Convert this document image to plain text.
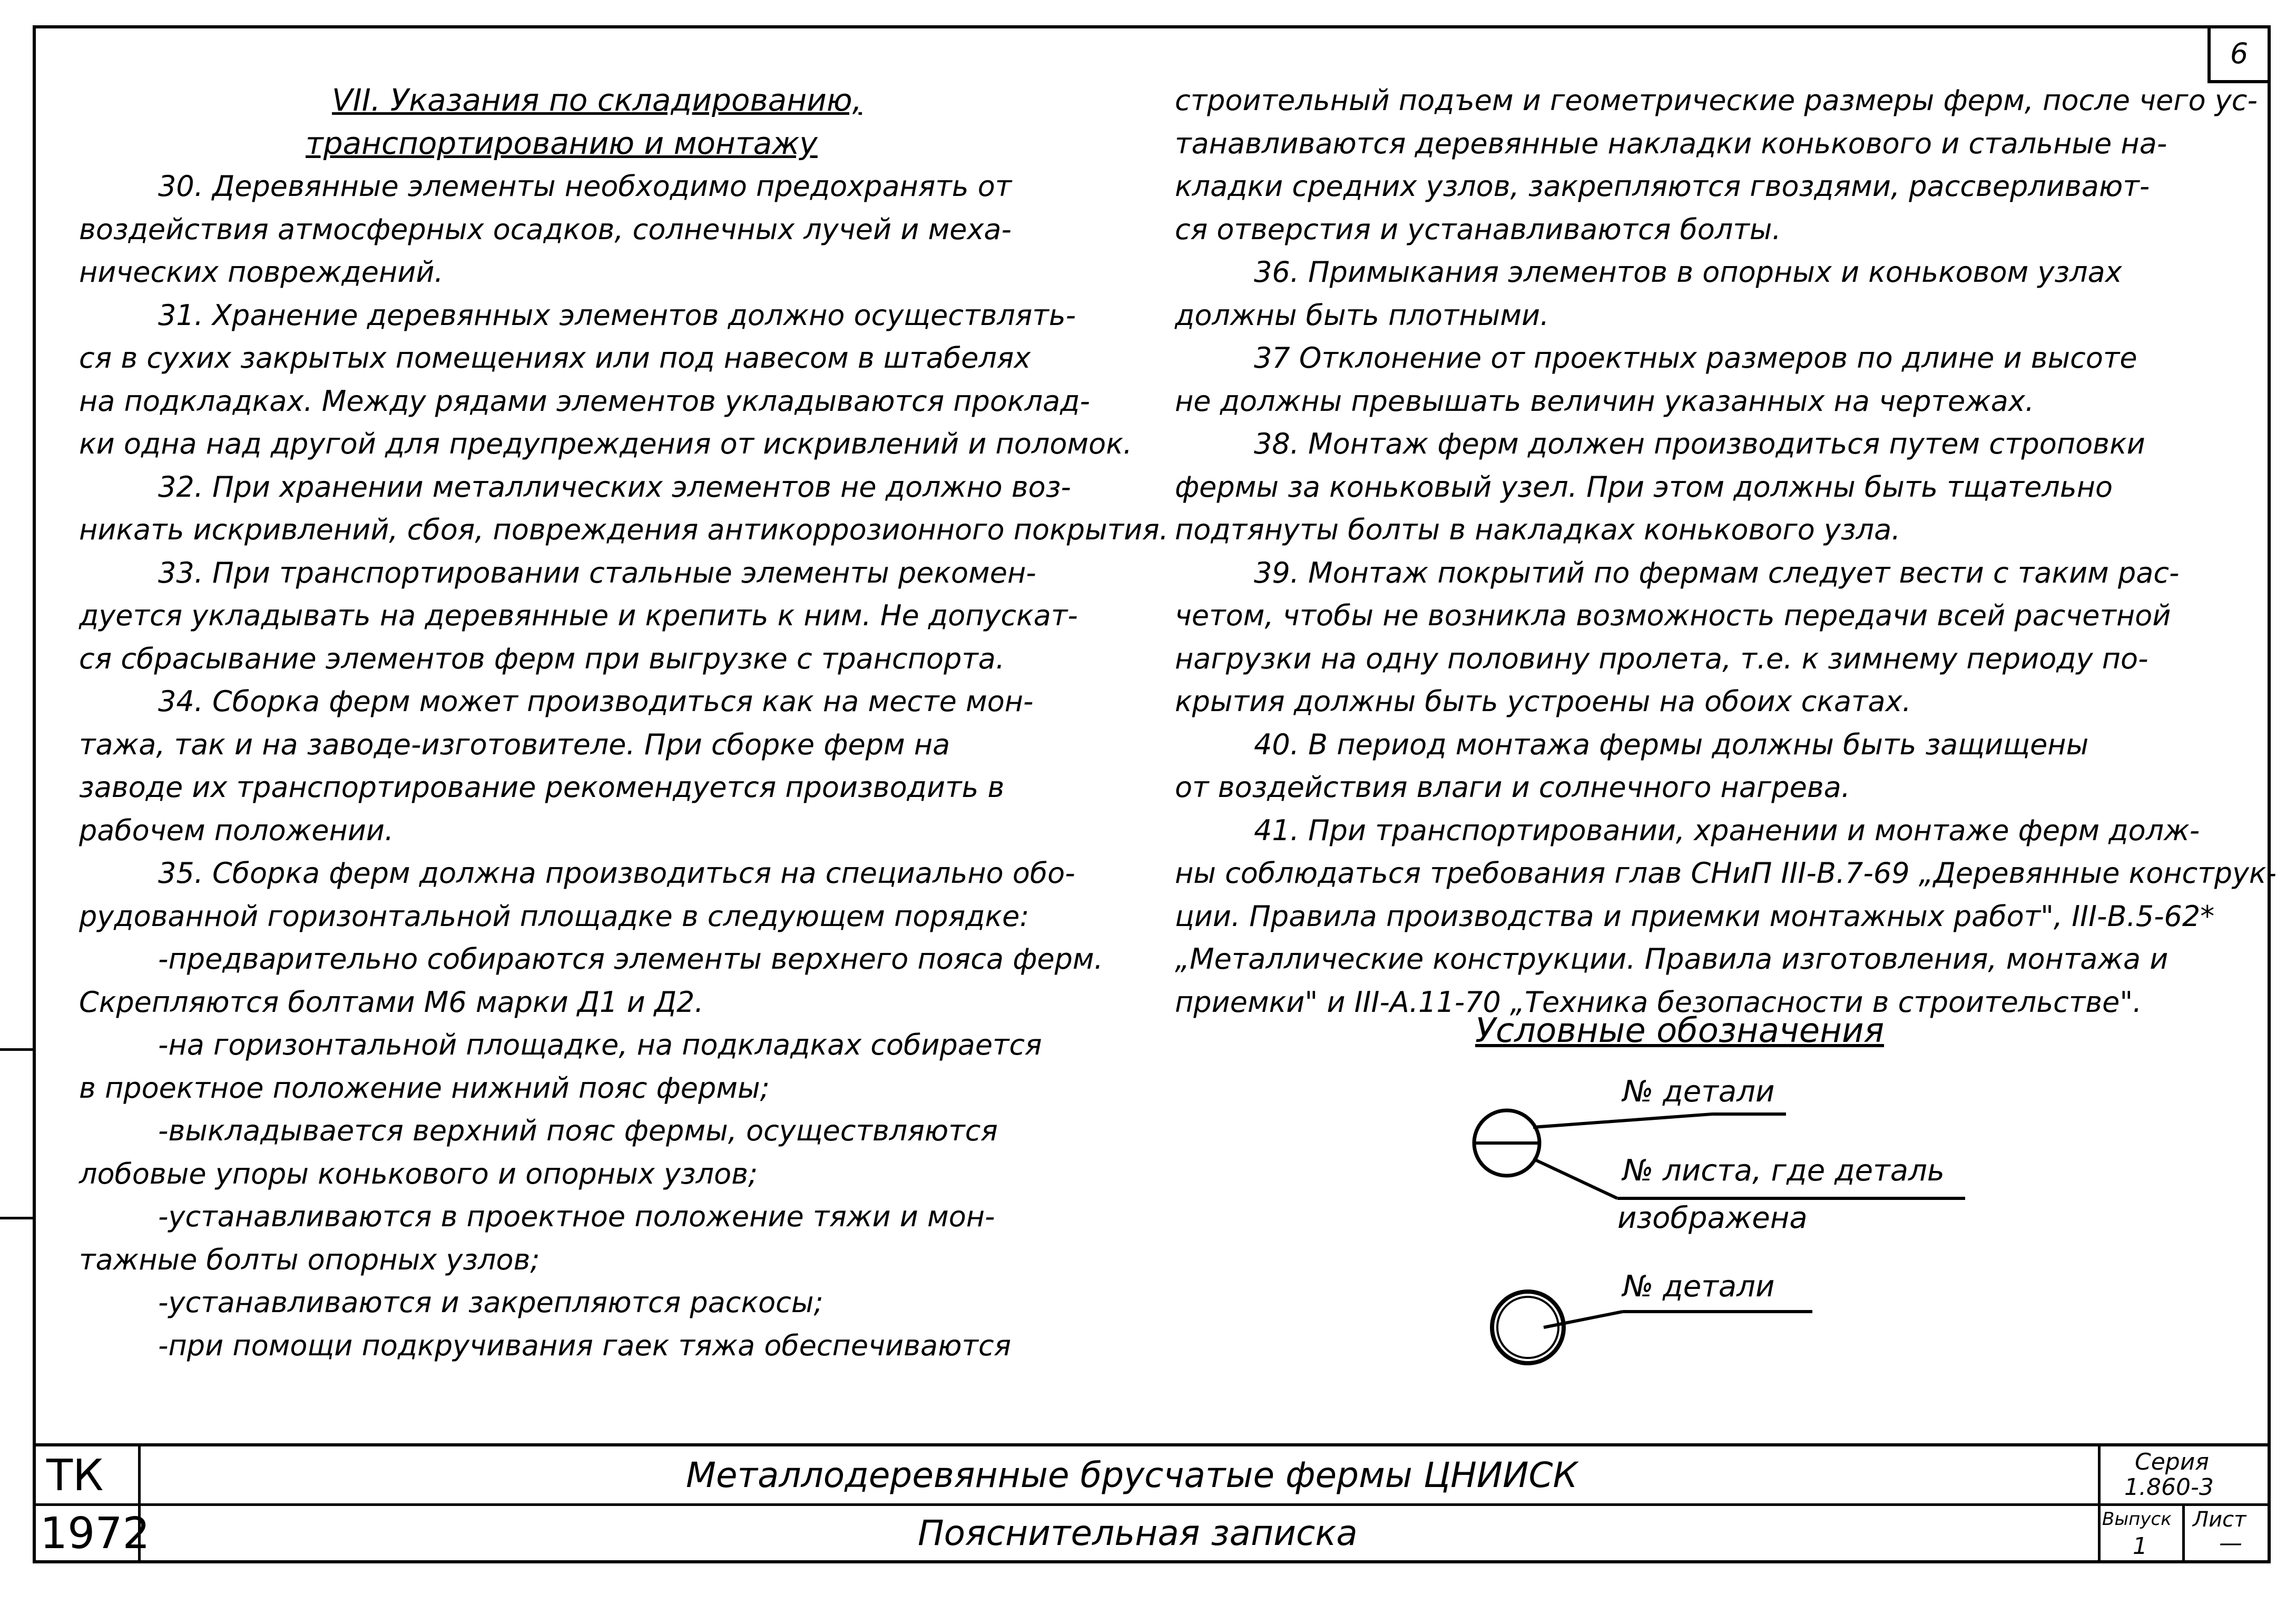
6

VII. Указания по складированию,

транспортированию и монтажу

30. Деревянные элементы необходимо предохранять от

воздействия атмосферных осадков, солнечных лучей и меха-

нических повреждений.

31. Хранение деревянных элементов должно осуществлять-

ся в сухих закрытых помещениях или под навесом в штабелях

на подкладках. Между рядами элементов укладываются проклад-

ки одна над другой для предупреждения от искривлений и поломок.

32. При хранении металлических элементов не должно воз-

никать искривлений, сбоя, повреждения антикоррозионного покрытия.

33. При транспортировании стальные элементы рекомен-

дуется укладывать на деревянные и крепить к ним. Не допускат-

ся сбрасывание элементов ферм при выгрузке с транспорта.

34. Сборка ферм может производиться как на месте мон-

тажа, так и на заводе-изготовителе. При сборке ферм на

заводе их транспортирование рекомендуется производить в

рабочем положении.

35. Сборка ферм должна производиться на специально обо-

рудованной горизонтальной площадке в следующем порядке:

-предварительно собираются элементы верхнего пояса ферм.

Скрепляются болтами М6 марки Д1 и Д2.

-на горизонтальной площадке, на подкладках собирается

в проектное положение нижний пояс фермы;

-выкладывается верхний пояс фермы, осуществляются

лобовые упоры конькового и опорных узлов;

-устанавливаются в проектное положение тяжи и мон-

тажные болты опорных узлов;

-устанавливаются и закрепляются раскосы;

-при помощи подкручивания гаек тяжа обеспечиваются

строительный подъем и геометрические размеры ферм, после чего ус-

танавливаются деревянные накладки конькового и стальные на-

кладки средних узлов, закрепляются гвоздями, рассверливают-

ся отверстия и устанавливаются болты.

36. Примыкания элементов в опорных и коньковом узлах

должны быть плотными.

37 Отклонение от проектных размеров по длине и высоте

не должны превышать величин указанных на чертежах.

38. Монтаж ферм должен производиться путем строповки

фермы за коньковый узел. При этом должны быть тщательно

подтянуты болты в накладках конькового узла.

39. Монтаж покрытий по фермам следует вести с таким рас-

четом, чтобы не возникла возможность передачи всей расчетной

нагрузки на одну половину пролета, т.е. к зимнему периоду по-

крытия должны быть устроены на обоих скатах.

40. В период монтажа фермы должны быть защищены

от воздействия влаги и солнечного нагрева.

41. При транспортировании, хранении и монтаже ферм долж-

ны соблюдаться требования глав СНиП III-В.7-69 „Деревянные конструк-

ции. Правила производства и приемки монтажных работ", III-В.5-62*

„Металлические конструкции. Правила изготовления, монтажа и

приемки" и III-А.11-70 „Техника безопасности в строительстве".

Условные обозначения
№ детали
№ листа, где деталь
изображена
№ детали
ТК
1972
Металлодеревянные брусчатые фермы ЦНИИСК
Пояснительная записка
Серия
1.860-3
Выпуск
1
Лист
—
